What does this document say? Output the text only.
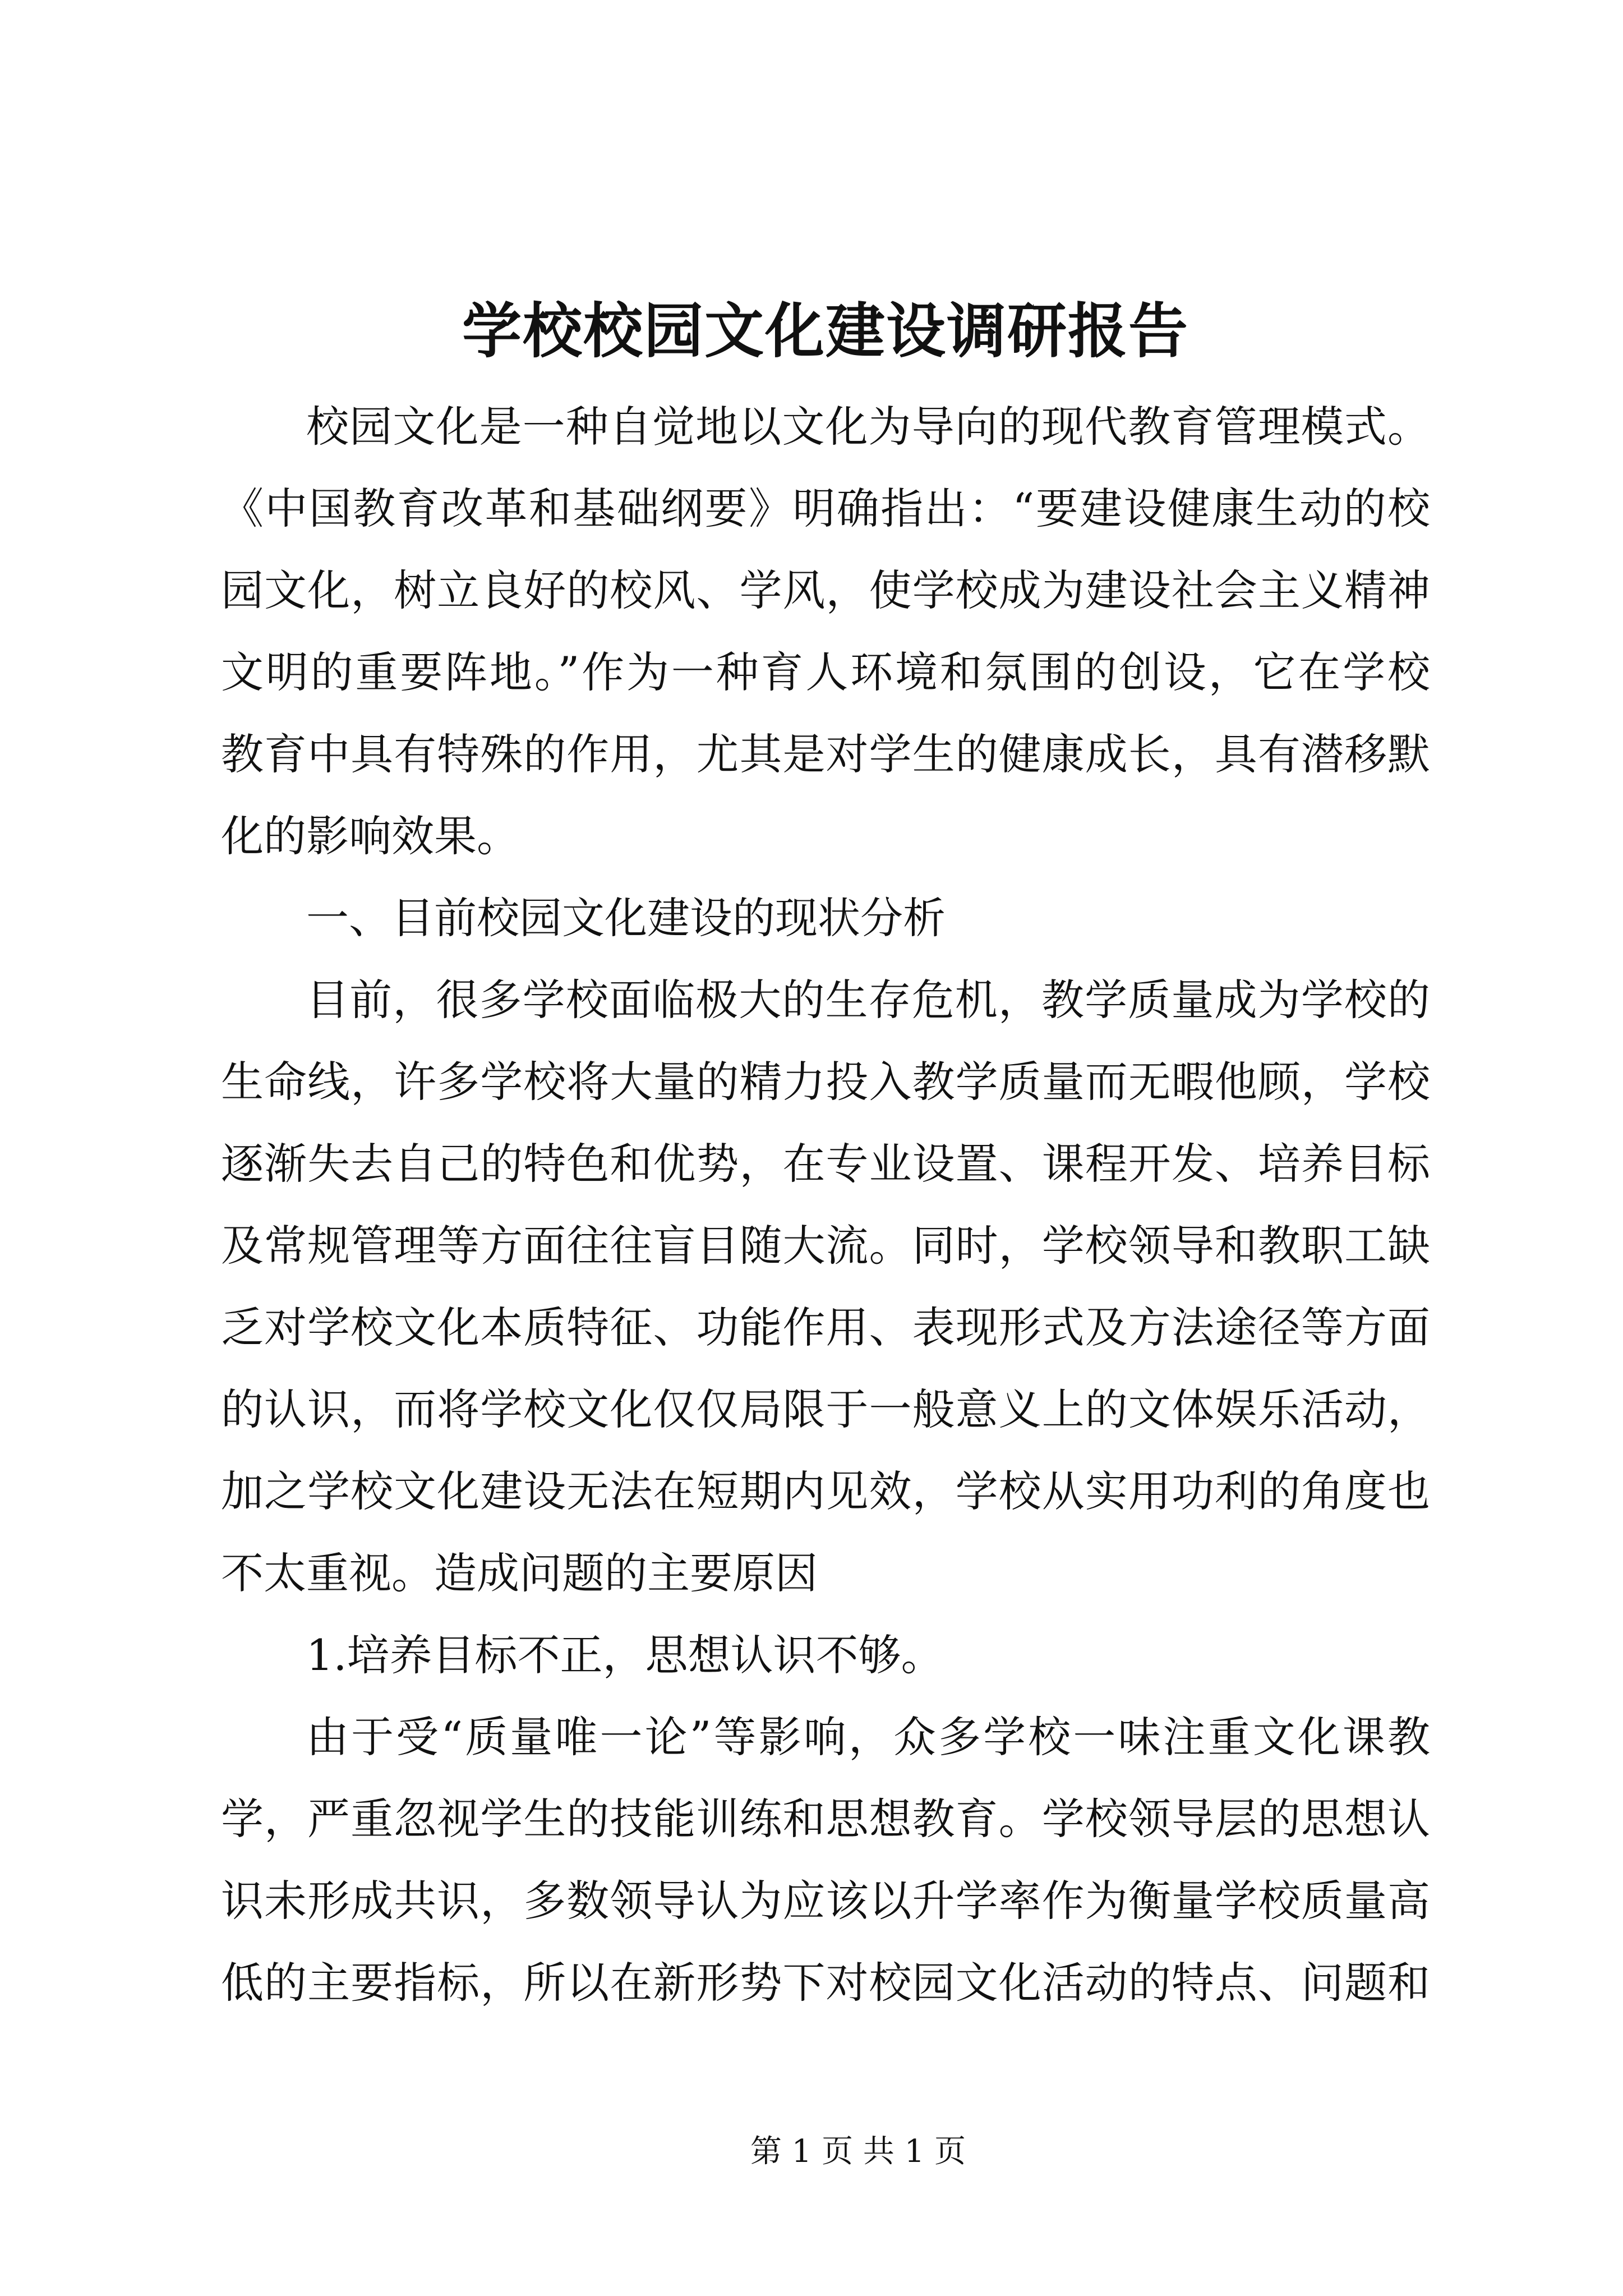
学校校园文化建设调研报告
校园文化是一种自觉地以文化为导向的现代教育管理模式。
《中国教育改革和基础纲要》明确指出：“要建设健康生动的校
园文化，树立良好的校风、学风，使学校成为建设社会主义精神
文明的重要阵地。”作为一种育人环境和氛围的创设，它在学校
教育中具有特殊的作用，尤其是对学生的健康成长，具有潜移默
化的影响效果。
一、目前校园文化建设的现状分析
目前，很多学校面临极大的生存危机，教学质量成为学校的
生命线，许多学校将大量的精力投入教学质量而无暇他顾，学校
逐渐失去自己的特色和优势，在专业设置、课程开发、培养目标
及常规管理等方面往往盲目随大流。同时，学校领导和教职工缺
乏对学校文化本质特征、功能作用、表现形式及方法途径等方面
的认识，而将学校文化仅仅局限于一般意义上的文体娱乐活动，
加之学校文化建设无法在短期内见效，学校从实用功利的角度也
不太重视。造成问题的主要原因
1.培养目标不正，思想认识不够。
由于受“质量唯一论”等影响，众多学校一味注重文化课教
学，严重忽视学生的技能训练和思想教育。学校领导层的思想认
识未形成共识，多数领导认为应该以升学率作为衡量学校质量高
低的主要指标，所以在新形势下对校园文化活动的特点、问题和
第 1 页 共 1 页
